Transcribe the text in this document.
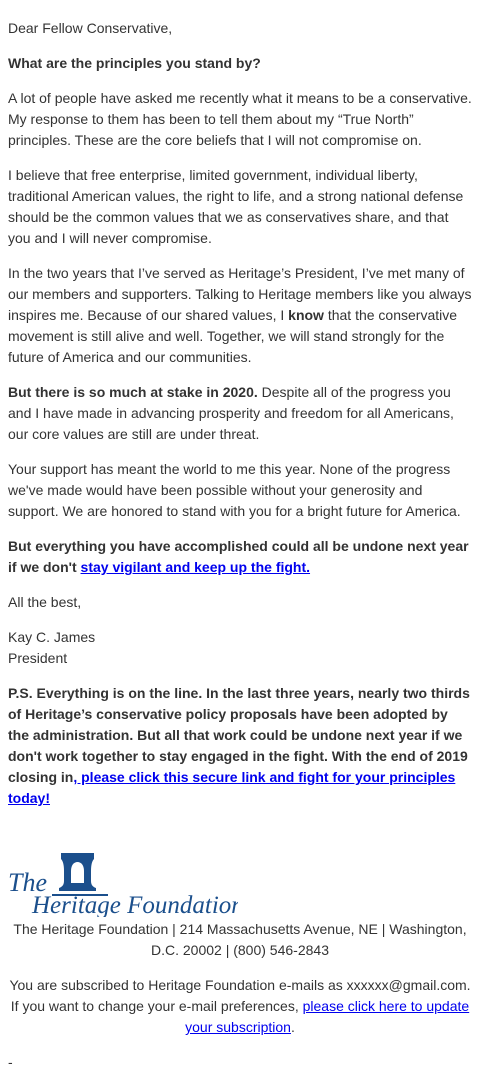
Dear Fellow Conservative,

What are the principles you stand by?

A lot of people have asked me recently what it means to be a conservative. My response to them has been to tell them about my “True North” principles. These are the core beliefs that I will not compromise on.

I believe that free enterprise, limited government, individual liberty, traditional American values, the right to life, and a strong national defense should be the common values that we as conservatives share, and that you and I will never compromise.

In the two years that I’ve served as Heritage’s President, I’ve met many of our members and supporters. Talking to Heritage members like you always inspires me. Because of our shared values, I know that the conservative movement is still alive and well. Together, we will stand strongly for the future of America and our communities.

But there is so much at stake in 2020. Despite all of the progress you and I have made in advancing prosperity and freedom for all Americans, our core values are still are under threat.

Your support has meant the world to me this year. None of the progress we've made would have been possible without your generosity and support. We are honored to stand with you for a bright future for America.

But everything you have accomplished could all be undone next year if we don't stay vigilant and keep up the fight.

All the best,

Kay C. James
President

P.S. Everything is on the line. In the last three years, nearly two thirds of Heritage’s conservative policy proposals have been adopted by the administration. But all that work could be undone next year if we don't work together to stay engaged in the fight. With the end of 2019 closing in, please click this secure link and fight for your principles today!

The
Heritage Foundation

The Heritage Foundation | 214 Massachusetts Avenue, NE | Washington, D.C. 20002 | (800) 546-2843

You are subscribed to Heritage Foundation e-mails as xxxxxx@gmail.com. If you want to change your e-mail preferences, please click here to update your subscription.

-
